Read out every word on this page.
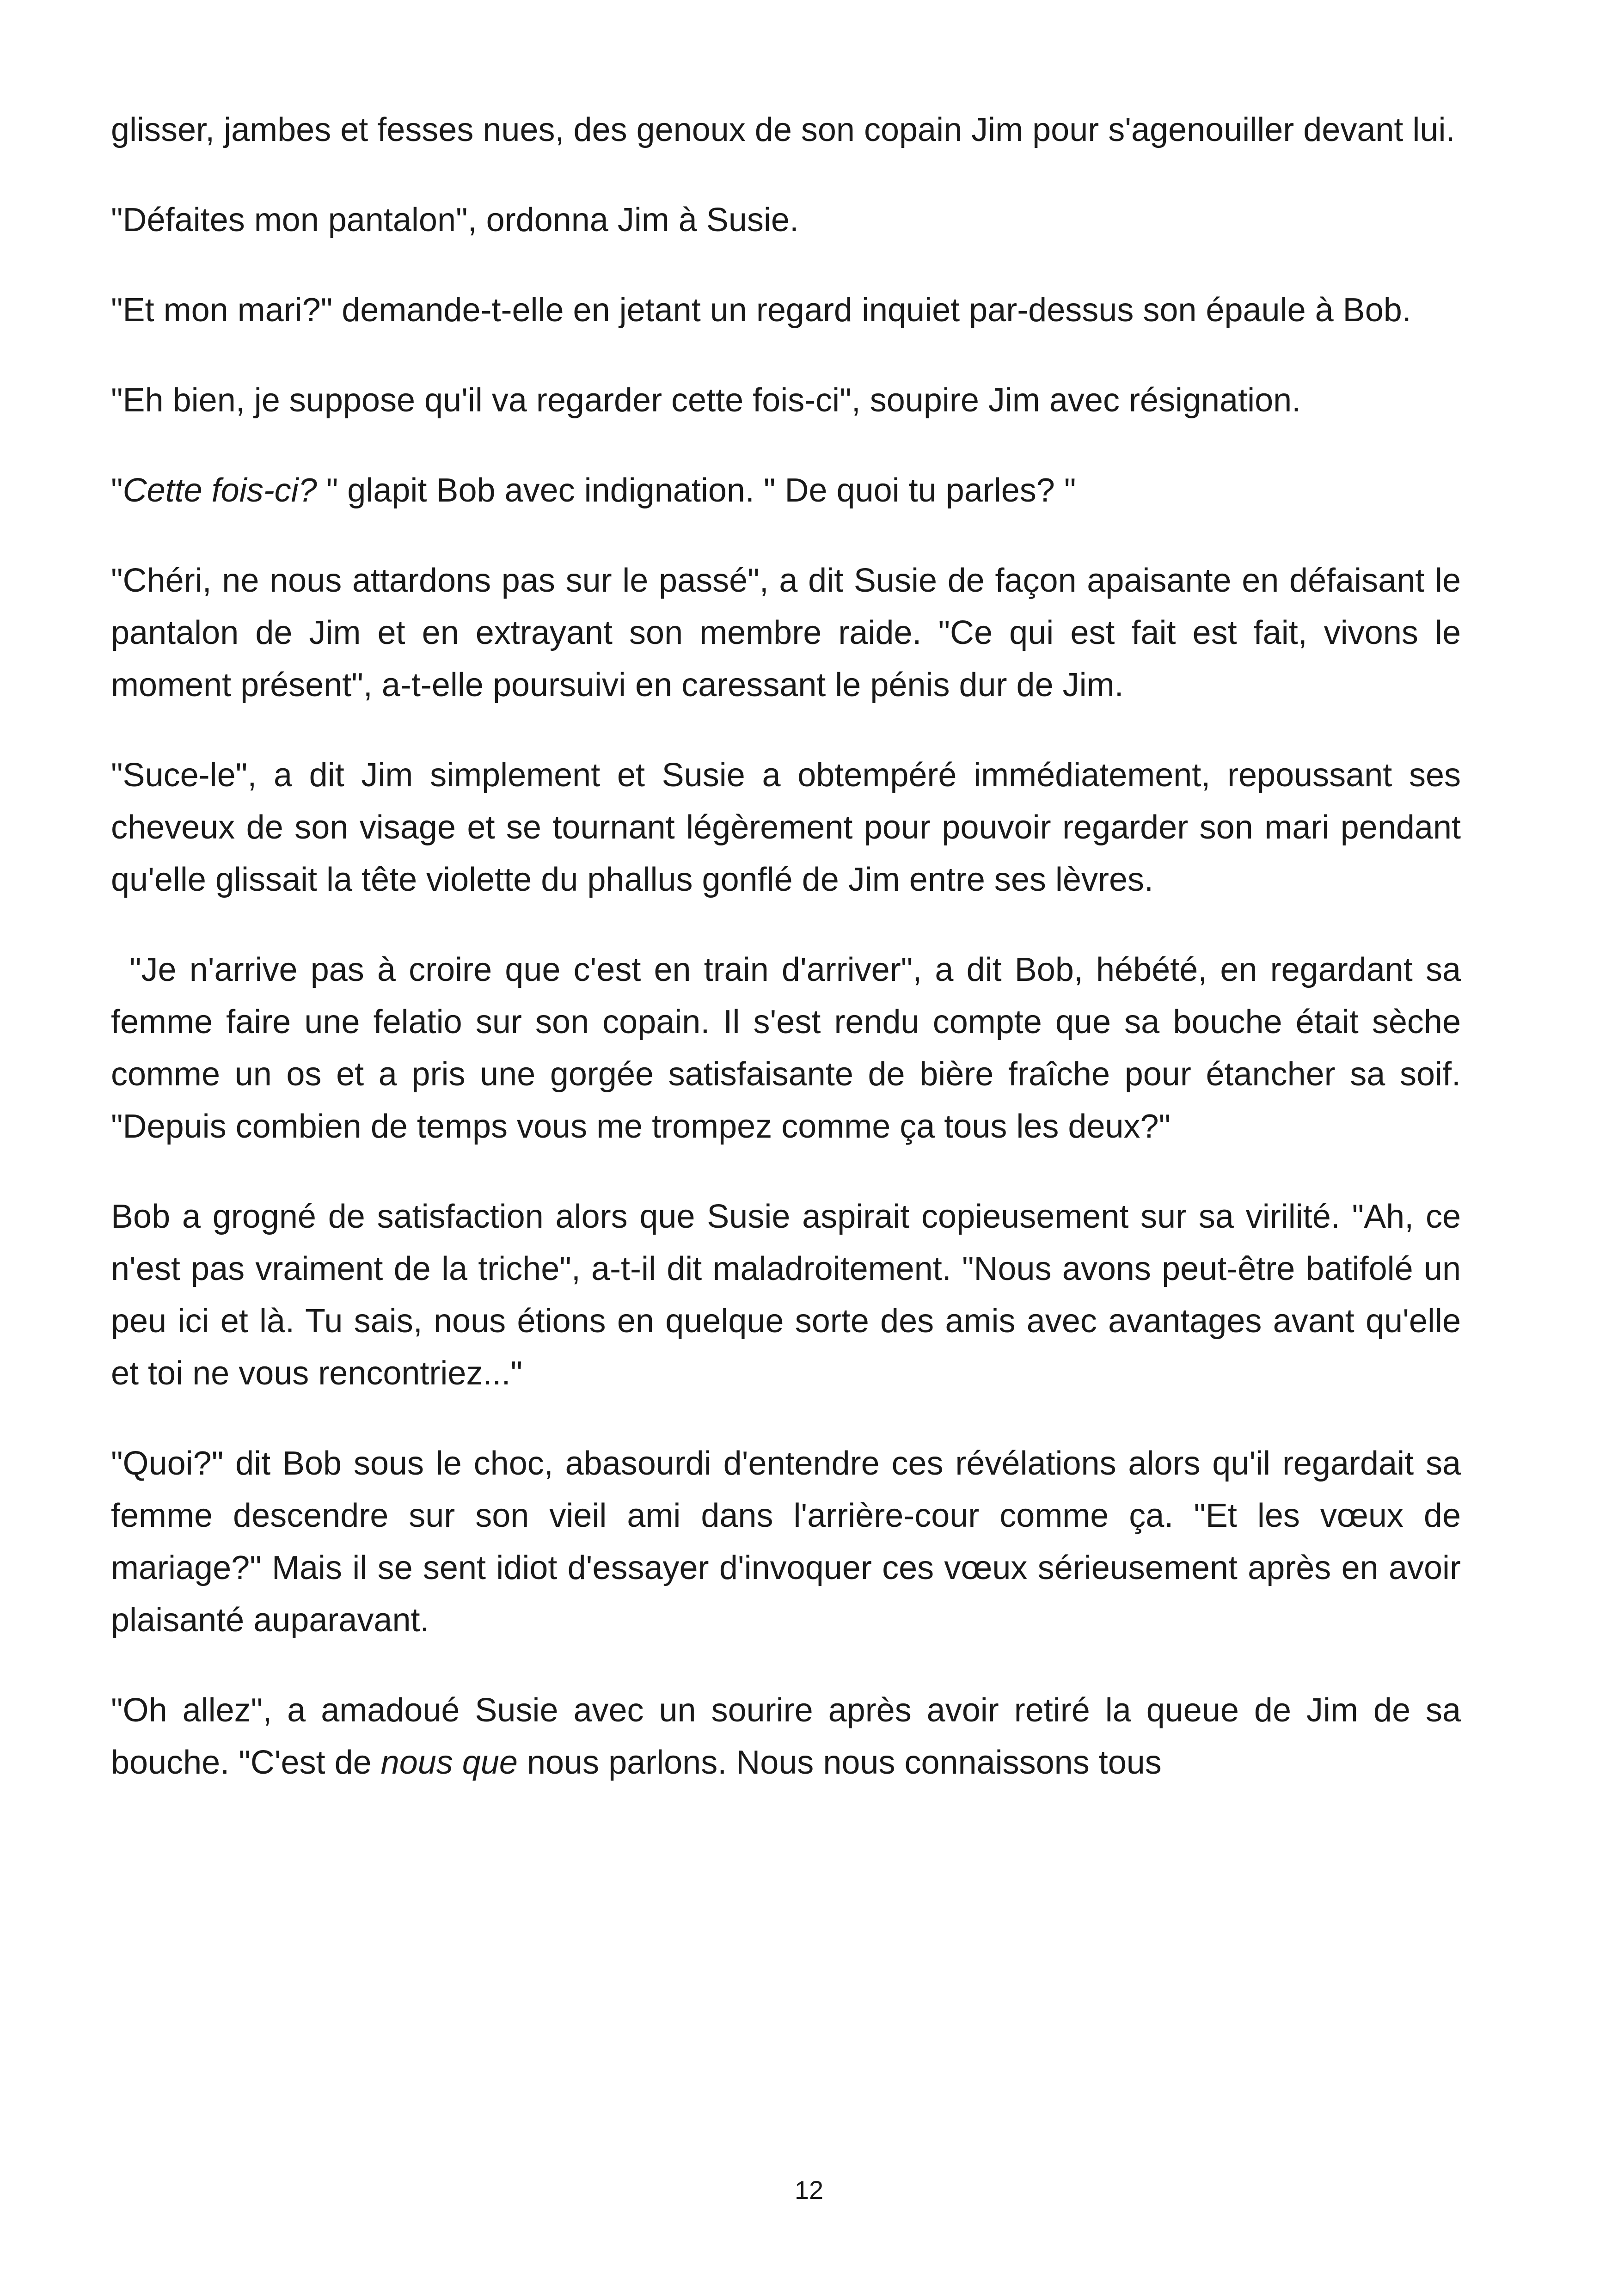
glisser, jambes et fesses nues, des genoux de son copain Jim pour s'agenouiller devant lui.

"Défaites mon pantalon", ordonna Jim à Susie.

"Et mon mari?" demande-t-elle en jetant un regard inquiet par-dessus son épaule à Bob.

"Eh bien, je suppose qu'il va regarder cette fois-ci", soupire Jim avec résignation.

"Cette fois-ci? " glapit Bob avec indignation. " De quoi tu parles? "

"Chéri, ne nous attardons pas sur le passé", a dit Susie de façon apaisante en défaisant le pantalon de Jim et en extrayant son membre raide. "Ce qui est fait est fait, vivons le moment présent", a-t-elle poursuivi en caressant le pénis dur de Jim.

"Suce-le", a dit Jim simplement et Susie a obtempéré immédiatement, repoussant ses cheveux de son visage et se tournant légèrement pour pouvoir regarder son mari pendant qu'elle glissait la tête violette du phallus gonflé de Jim entre ses lèvres.

"Je n'arrive pas à croire que c'est en train d'arriver", a dit Bob, hébété, en regardant sa femme faire une felatio sur son copain. Il s'est rendu compte que sa bouche était sèche comme un os et a pris une gorgée satisfaisante de bière fraîche pour étancher sa soif. "Depuis combien de temps vous me trompez comme ça tous les deux?"

Bob a grogné de satisfaction alors que Susie aspirait copieusement sur sa virilité. "Ah, ce n'est pas vraiment de la triche", a-t-il dit maladroitement. "Nous avons peut-être batifolé un peu ici et là. Tu sais, nous étions en quelque sorte des amis avec avantages avant qu'elle et toi ne vous rencontriez..."

"Quoi?" dit Bob sous le choc, abasourdi d'entendre ces révélations alors qu'il regardait sa femme descendre sur son vieil ami dans l'arrière-cour comme ça. "Et les vœux de mariage?" Mais il se sent idiot d'essayer d'invoquer ces vœux sérieusement après en avoir plaisanté auparavant.

"Oh allez", a amadoué Susie avec un sourire après avoir retiré la queue de Jim de sa bouche. "C'est de nous que nous parlons. Nous nous connaissons tous

12
